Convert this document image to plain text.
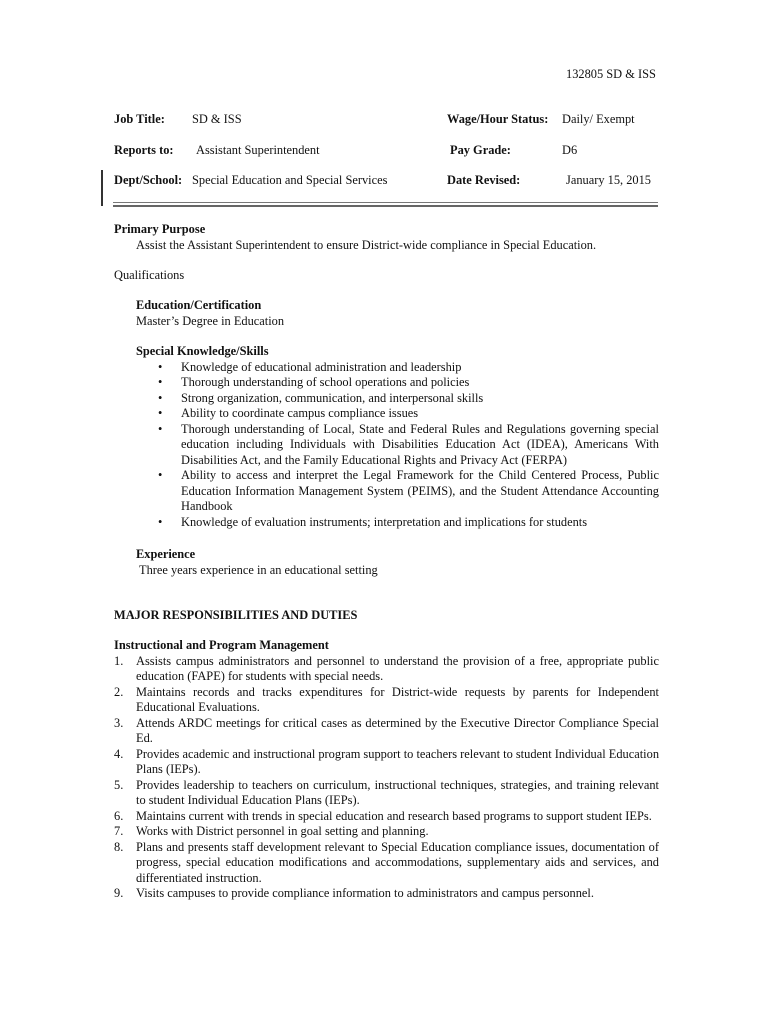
132805 SD & ISS
Job Title: SD & ISS	Wage/Hour Status: Daily/ Exempt
Reports to: Assistant Superintendent	Pay Grade:	D6
Dept/School: Special Education and Special Services	Date Revised:	January 15, 2015
Primary Purpose
Assist the Assistant Superintendent to ensure District-wide compliance in Special Education.
Qualifications
Education/Certification
Master’s Degree in Education
Special Knowledge/Skills
• Knowledge of educational administration and leadership
• Thorough understanding of school operations and policies
• Strong organization, communication, and interpersonal skills
• Ability to coordinate campus compliance issues
• Thorough understanding of Local, State and Federal Rules and Regulations governing special education including Individuals with Disabilities Education Act (IDEA), Americans With Disabilities Act, and the Family Educational Rights and Privacy Act (FERPA)
• Ability to access and interpret the Legal Framework for the Child Centered Process, Public Education Information Management System (PEIMS), and the Student Attendance Accounting Handbook
• Knowledge of evaluation instruments; interpretation and implications for students
Experience
Three years experience in an educational setting
MAJOR RESPONSIBILITIES AND DUTIES
Instructional and Program Management
1. Assists campus administrators and personnel to understand the provision of a free, appropriate public education (FAPE) for students with special needs.
2. Maintains records and tracks expenditures for District-wide requests by parents for Independent Educational Evaluations.
3. Attends ARDC meetings for critical cases as determined by the Executive Director Compliance Special Ed.
4. Provides academic and instructional program support to teachers relevant to student Individual Education Plans (IEPs).
5. Provides leadership to teachers on curriculum, instructional techniques, strategies, and training relevant to student Individual Education Plans (IEPs).
6. Maintains current with trends in special education and research based programs to support student IEPs.
7. Works with District personnel in goal setting and planning.
8. Plans and presents staff development relevant to Special Education compliance issues, documentation of progress, special education modifications and accommodations, supplementary aids and services, and differentiated instruction.
9. Visits campuses to provide compliance information to administrators and campus personnel.
